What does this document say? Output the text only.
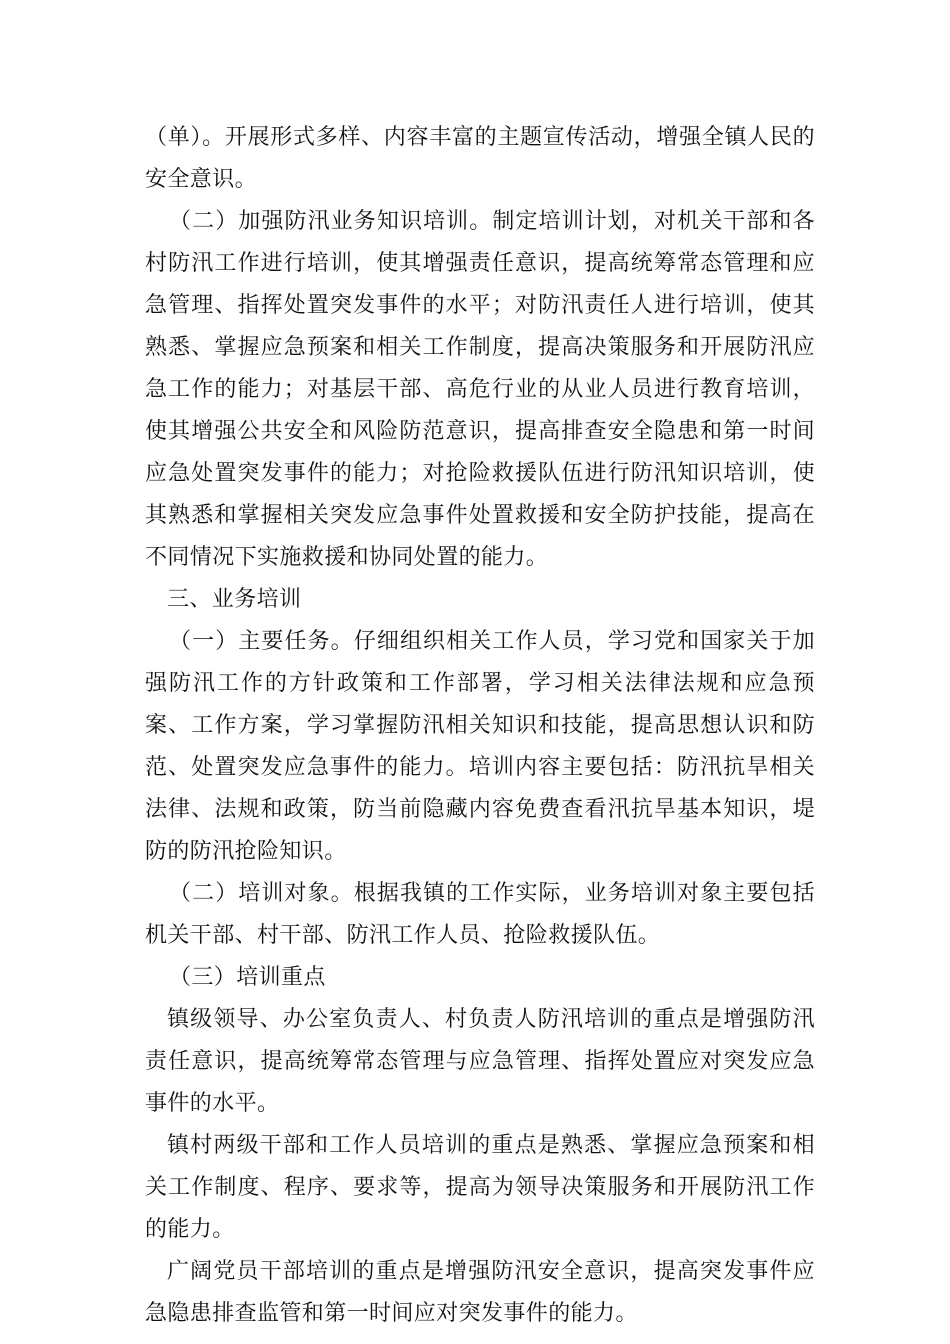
（单）。开展形式多样、内容丰富的主题宣传活动，增强全镇人民的安全意识。

（二）加强防汛业务知识培训。制定培训计划，对机关干部和各村防汛工作进行培训，使其增强责任意识，提高统筹常态管理和应急管理、指挥处置突发事件的水平；对防汛责任人进行培训，使其熟悉、掌握应急预案和相关工作制度，提高决策服务和开展防汛应急工作的能力；对基层干部、高危行业的从业人员进行教育培训，使其增强公共安全和风险防范意识，提高排查安全隐患和第一时间应急处置突发事件的能力；对抢险救援队伍进行防汛知识培训，使其熟悉和掌握相关突发应急事件处置救援和安全防护技能，提高在不同情况下实施救援和协同处置的能力。

三、业务培训

（一）主要任务。仔细组织相关工作人员，学习党和国家关于加强防汛工作的方针政策和工作部署，学习相关法律法规和应急预案、工作方案，学习掌握防汛相关知识和技能，提高思想认识和防范、处置突发应急事件的能力。培训内容主要包括：防汛抗旱相关法律、法规和政策，防当前隐藏内容免费查看汛抗旱基本知识，堤防的防汛抢险知识。

（二）培训对象。根据我镇的工作实际，业务培训对象主要包括机关干部、村干部、防汛工作人员、抢险救援队伍。

（三）培训重点

镇级领导、办公室负责人、村负责人防汛培训的重点是增强防汛责任意识，提高统筹常态管理与应急管理、指挥处置应对突发应急事件的水平。

镇村两级干部和工作人员培训的重点是熟悉、掌握应急预案和相关工作制度、程序、要求等，提高为领导决策服务和开展防汛工作的能力。

广阔党员干部培训的重点是增强防汛安全意识，提高突发事件应急隐患排查监管和第一时间应对突发事件的能力。
